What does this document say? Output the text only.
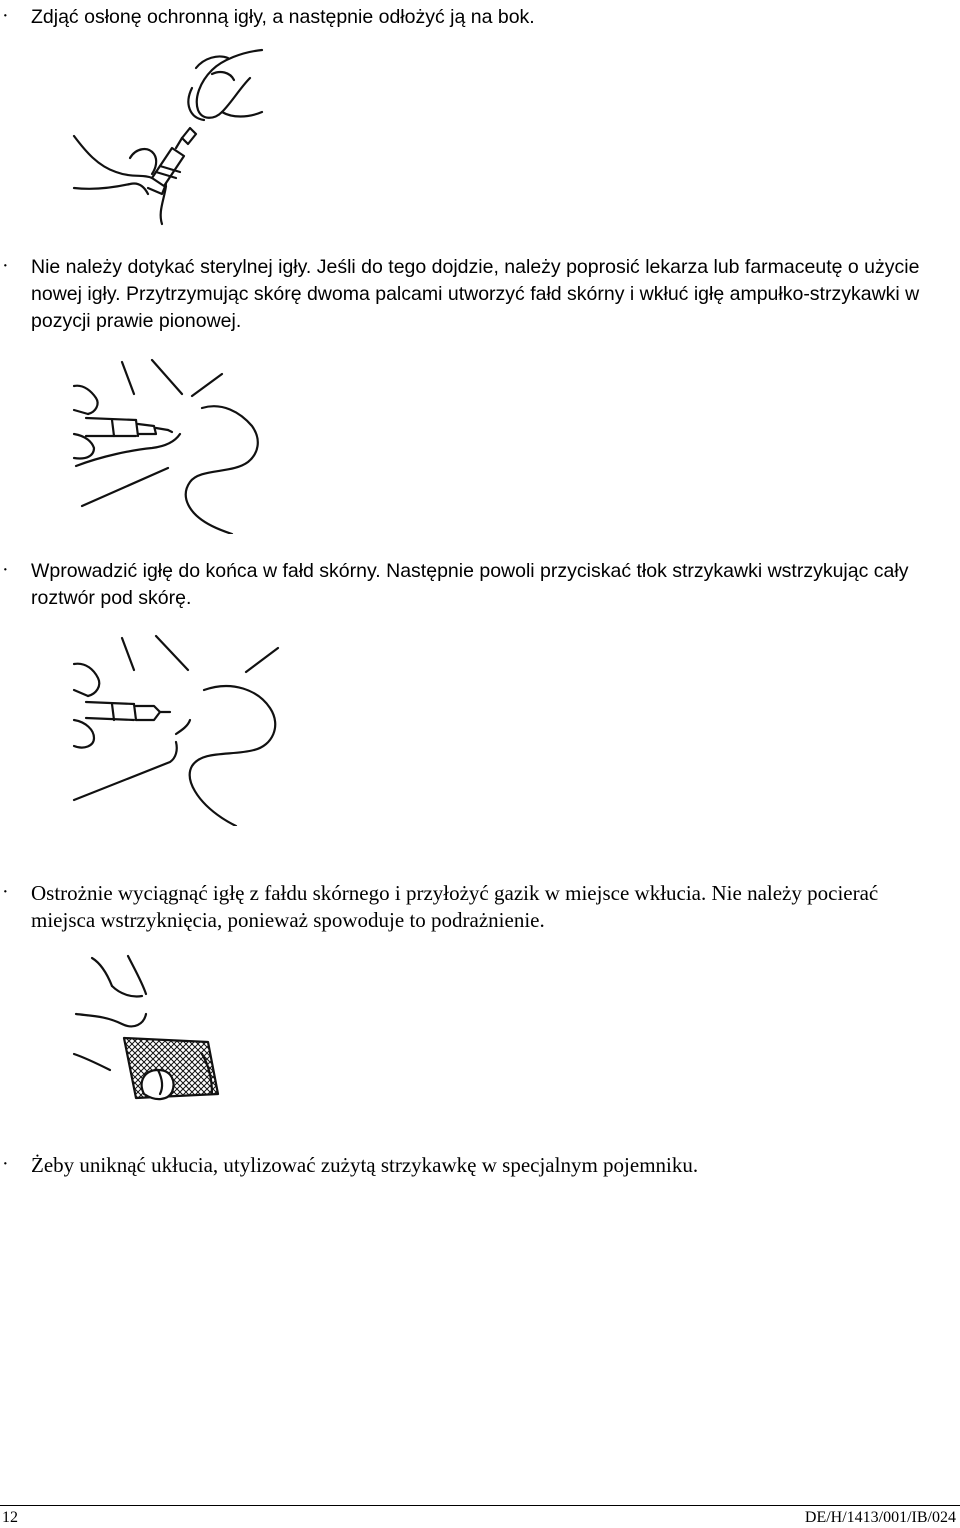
· Zdjąć osłonę ochronną igły, a następnie odłożyć ją na bok.
· Nie należy dotykać sterylnej igły. Jeśli do tego dojdzie, należy poprosić lekarza lub farmaceutę o użycie nowej igły. Przytrzymując skórę dwoma palcami utworzyć fałd skórny i wkłuć igłę ampułko-strzykawki w pozycji prawie pionowej.
· Wprowadzić igłę do końca w fałd skórny. Następnie powoli przyciskać tłok strzykawki wstrzykując cały roztwór pod skórę.
· Ostrożnie wyciągnąć igłę z fałdu skórnego i przyłożyć gazik w miejsce wkłucia. Nie należy pocierać miejsca wstrzyknięcia, ponieważ spowoduje to podrażnienie.
· Żeby uniknąć ukłucia, utylizować zużytą strzykawkę w specjalnym pojemniku.
12	DE/H/1413/001/IB/024
